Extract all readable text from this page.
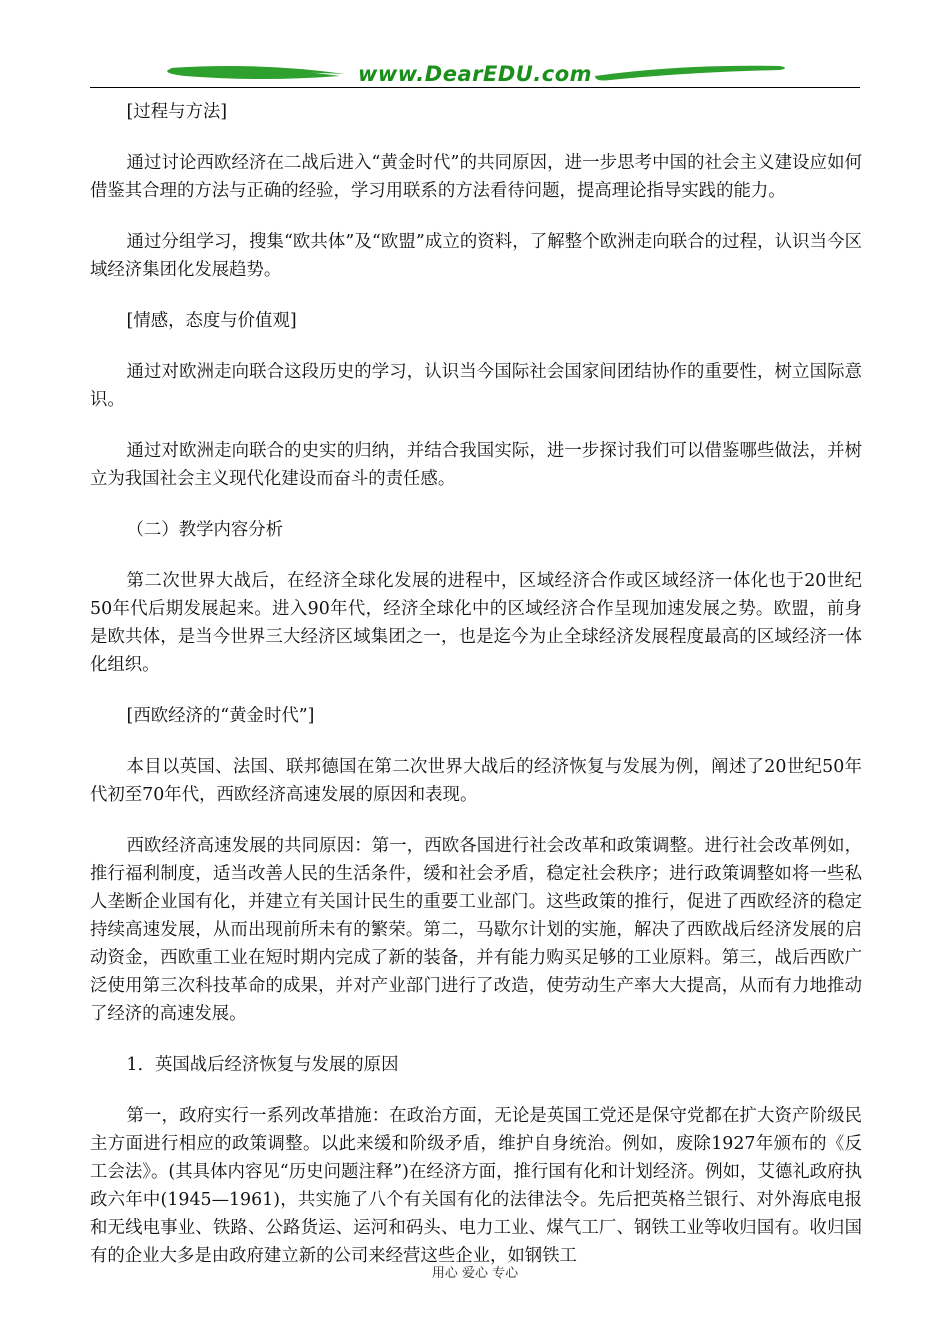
www.DearEDU.com

[过程与方法]

通过讨论西欧经济在二战后进入“黄金时代”的共同原因，进一步思考中国的社会主义建设应如何借鉴其合理的方法与正确的经验，学习用联系的方法看待问题，提高理论指导实践的能力。

通过分组学习，搜集“欧共体”及“欧盟”成立的资料，了解整个欧洲走向联合的过程，认识当今区域经济集团化发展趋势。

[情感，态度与价值观]

通过对欧洲走向联合这段历史的学习，认识当今国际社会国家间团结协作的重要性，树立国际意识。

通过对欧洲走向联合的史实的归纳，并结合我国实际，进一步探讨我们可以借鉴哪些做法，并树立为我国社会主义现代化建设而奋斗的责任感。

（二）教学内容分析

第二次世界大战后，在经济全球化发展的进程中，区域经济合作或区域经济一体化也于20世纪50年代后期发展起来。进入90年代，经济全球化中的区域经济合作呈现加速发展之势。欧盟，前身是欧共体，是当今世界三大经济区域集团之一，也是迄今为止全球经济发展程度最高的区域经济一体化组织。

[西欧经济的“黄金时代”]

本目以英国、法国、联邦德国在第二次世界大战后的经济恢复与发展为例，阐述了20世纪50年代初至70年代，西欧经济高速发展的原因和表现。

西欧经济高速发展的共同原因：第一，西欧各国进行社会改革和政策调整。进行社会改革例如，推行福利制度，适当改善人民的生活条件，缓和社会矛盾，稳定社会秩序；进行政策调整如将一些私人垄断企业国有化，并建立有关国计民生的重要工业部门。这些政策的推行，促进了西欧经济的稳定持续高速发展，从而出现前所未有的繁荣。第二，马歇尔计划的实施，解决了西欧战后经济发展的启动资金，西欧重工业在短时期内完成了新的装备，并有能力购买足够的工业原料。第三，战后西欧广泛使用第三次科技革命的成果，并对产业部门进行了改造，使劳动生产率大大提高，从而有力地推动了经济的高速发展。

1．英国战后经济恢复与发展的原因

第一，政府实行一系列改革措施：在政治方面，无论是英国工党还是保守党都在扩大资产阶级民主方面进行相应的政策调整。以此来缓和阶级矛盾，维护自身统治。例如，废除1927年颁布的《反工会法》。(其具体内容见“历史问题注释”)在经济方面，推行国有化和计划经济。例如，艾德礼政府执政六年中(1945—1961)，共实施了八个有关国有化的法律法令。先后把英格兰银行、对外海底电报和无线电事业、铁路、公路货运、运河和码头、电力工业、煤气工厂、钢铁工业等收归国有。收归国有的企业大多是由政府建立新的公司来经营这些企业，如钢铁工

用心 爱心 专心
